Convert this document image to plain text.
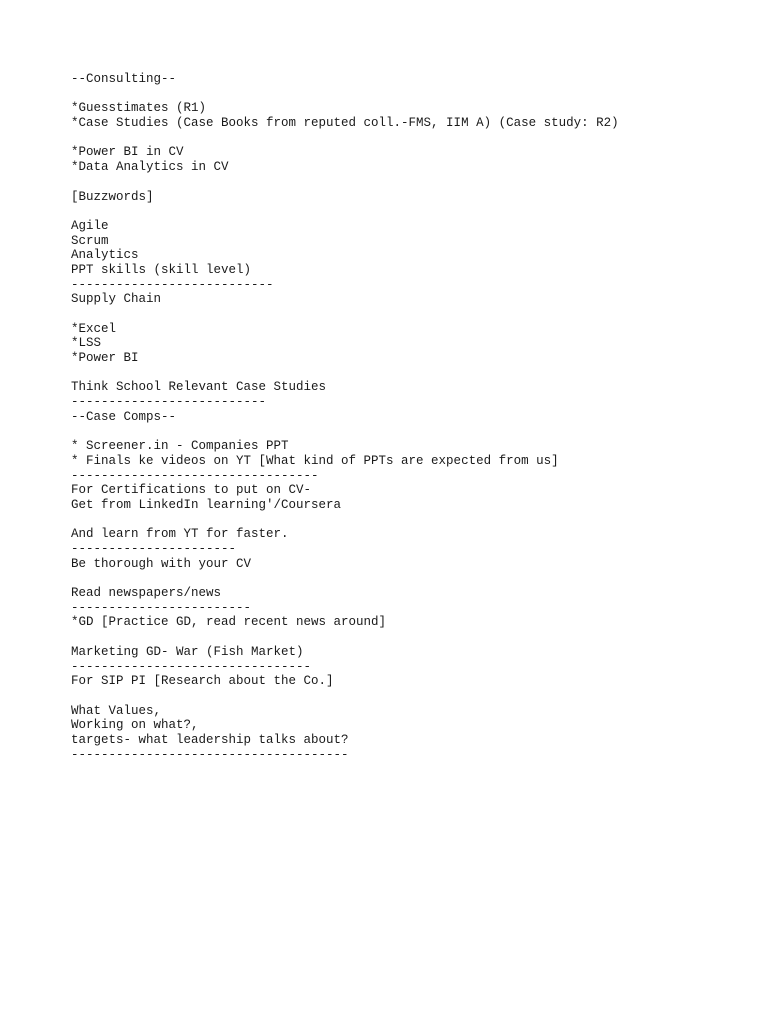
--Consulting--
*Guesstimates (R1)
*Case Studies (Case Books from reputed coll.-FMS, IIM A) (Case study: R2)
*Power BI in CV
*Data Analytics in CV
[Buzzwords]
Agile
Scrum
Analytics
PPT skills (skill level)
---------------------------
Supply Chain
*Excel
*LSS
*Power BI
Think School Relevant Case Studies
--------------------------
--Case Comps--
* Screener.in - Companies PPT
* Finals ke videos on YT [What kind of PPTs are expected from us]
---------------------------------
For Certifications to put on CV-
Get from LinkedIn learning'/Coursera
And learn from YT for faster.
----------------------
Be thorough with your CV
Read newspapers/news
------------------------
*GD [Practice GD, read recent news around]
Marketing GD- War (Fish Market)
--------------------------------
For SIP PI [Research about the Co.]
What Values,
Working on what?,
targets- what leadership talks about?
-------------------------------------
